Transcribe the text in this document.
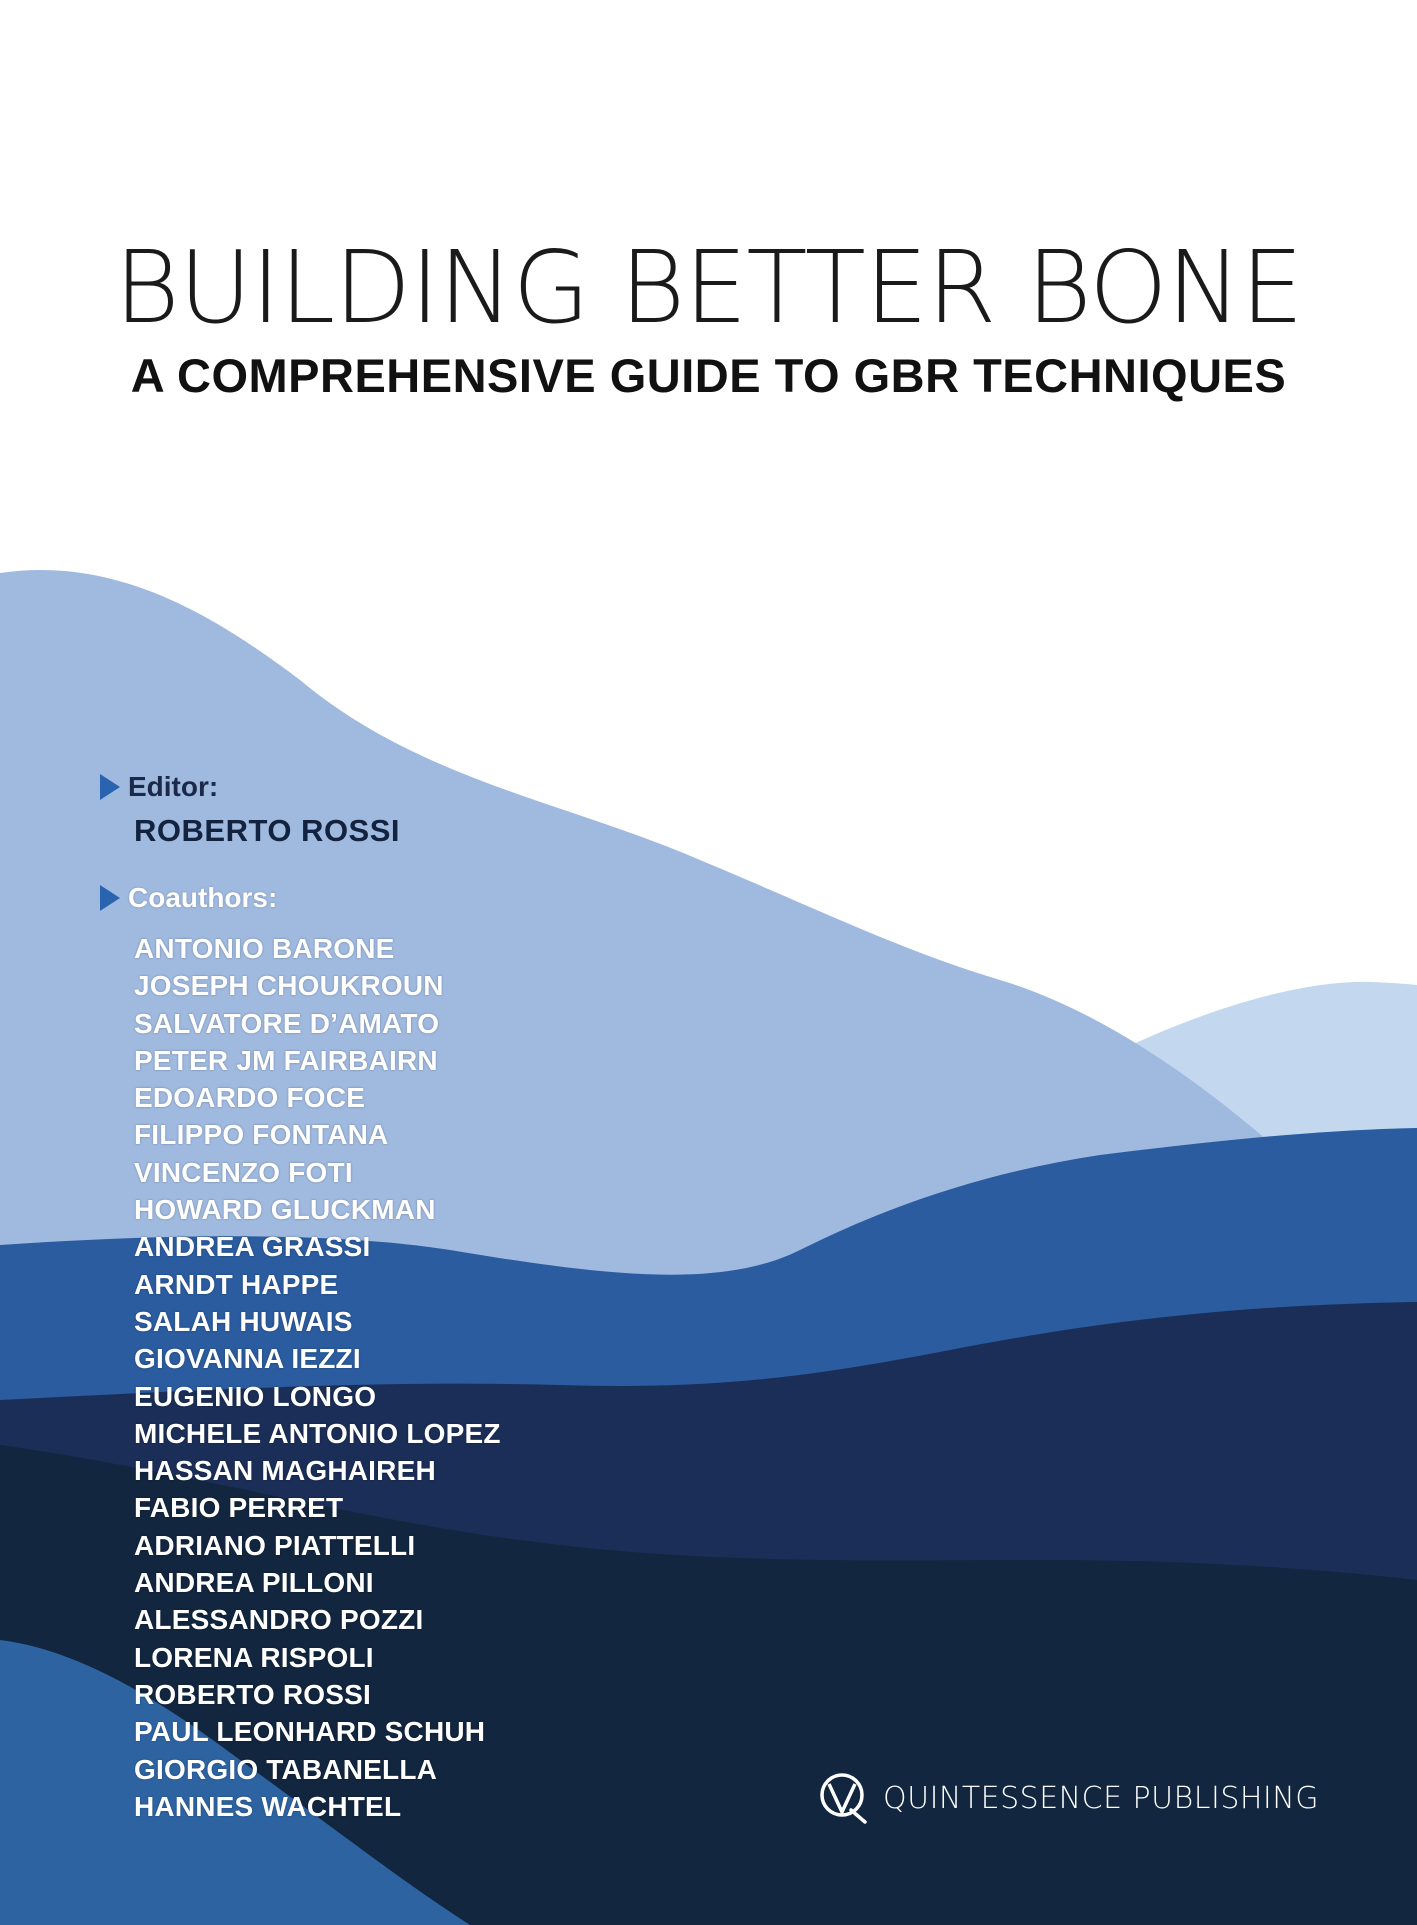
BUILDING BETTER BONE
A COMPREHENSIVE GUIDE TO GBR TECHNIQUES
Editor:
ROBERTO ROSSI
Coauthors:
ANTONIO BARONE
JOSEPH CHOUKROUN
SALVATORE D’AMATO
PETER JM FAIRBAIRN
EDOARDO FOCE
FILIPPO FONTANA
VINCENZO FOTI
HOWARD GLUCKMAN
ANDREA GRASSI
ARNDT HAPPE
SALAH HUWAIS
GIOVANNA IEZZI
EUGENIO LONGO
MICHELE ANTONIO LOPEZ
HASSAN MAGHAIREH
FABIO PERRET
ADRIANO PIATTELLI
ANDREA PILLONI
ALESSANDRO POZZI
LORENA RISPOLI
ROBERTO ROSSI
PAUL LEONHARD SCHUH
GIORGIO TABANELLA
HANNES WACHTEL	QUINTESSENCE PUBLISHING
